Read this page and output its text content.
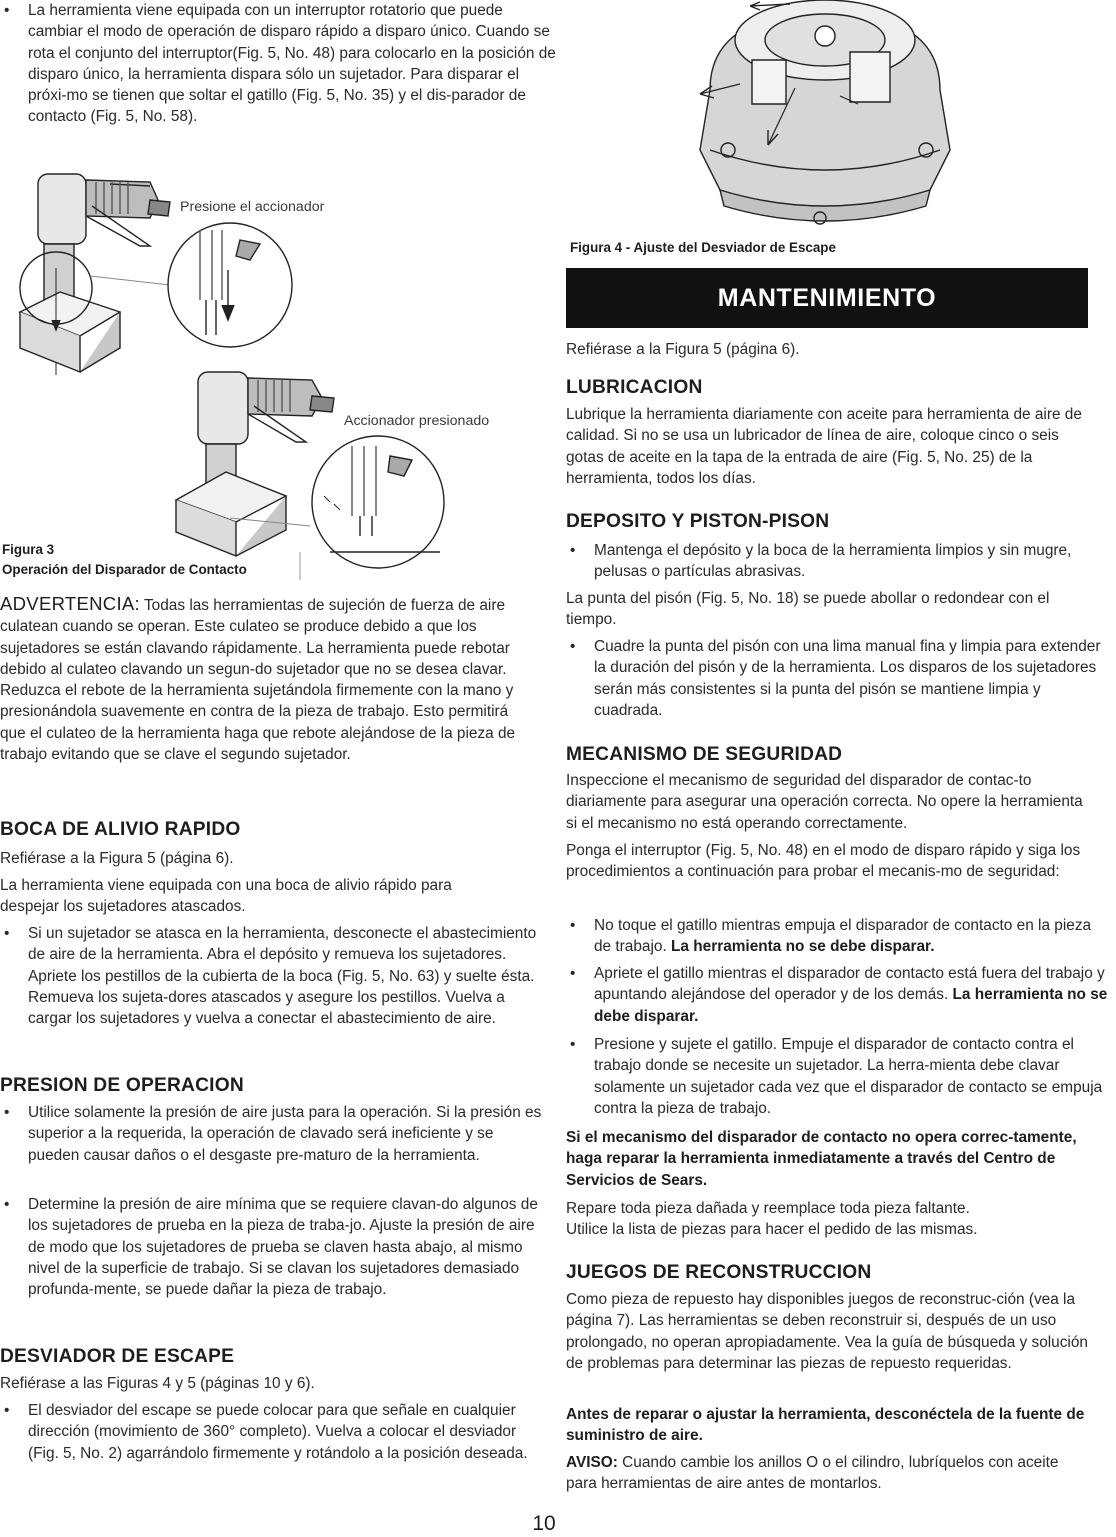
• La herramienta viene equipada con un interruptor rotatorio que puede cambiar el modo de operación de disparo rápido a disparo único. Cuando se rota el conjunto del interruptor(Fig. 5, No. 48) para colocarlo en la posición de disparo único, la herramienta dispara sólo un sujetador. Para disparar el próxi-mo se tienen que soltar el gatillo (Fig. 5, No. 35) y el dis-parador de contacto (Fig. 5, No. 58).

Presione el accionador
Accionador presionado
Figura 3
Operación del Disparador de Contacto

ADVERTENCIA: Todas las herramientas de sujeción de fuerza de aire culatean cuando se operan. Este culateo se produce debido a que los sujetadores se están clavando rápidamente. La herramienta puede rebotar debido al culateo clavando un segun-do sujetador que no se desea clavar. Reduzca el rebote de la herramienta sujetándola firmemente con la mano y presionándola suavemente en contra de la pieza de trabajo. Esto permitirá que el culateo de la herramienta haga que rebote alejándose de la pieza de trabajo evitando que se clave el segundo sujetador.

BOCA DE ALIVIO RAPIDO

Refiérase a la Figura 5 (página 6).

La herramienta viene equipada con una boca de alivio rápido para despejar los sujetadores atascados.

• Si un sujetador se atasca en la herramienta, desconecte el abastecimiento de aire de la herramienta. Abra el depósito y remueva los sujetadores. Apriete los pestillos de la cubierta de la boca (Fig. 5, No. 63) y suelte ésta. Remueva los sujeta-dores atascados y asegure los pestillos. Vuelva a cargar los sujetadores y vuelva a conectar el abastecimiento de aire.

PRESION DE OPERACION

• Utilice solamente la presión de aire justa para la operación. Si la presión es superior a la requerida, la operación de clavado será ineficiente y se pueden causar daños o el desgaste pre-maturo de la herramienta.

• Determine la presión de aire mínima que se requiere clavan-do algunos de los sujetadores de prueba en la pieza de traba-jo. Ajuste la presión de aire de modo que los sujetadores de prueba se claven hasta abajo, al mismo nivel de la superficie de trabajo. Si se clavan los sujetadores demasiado profunda-mente, se puede dañar la pieza de trabajo.

DESVIADOR DE ESCAPE

Refiérase a las Figuras 4 y 5 (páginas 10 y 6).

• El desviador del escape se puede colocar para que señale en cualquier dirección (movimiento de 360° completo). Vuelva a colocar el desviador (Fig. 5, No. 2) agarrándolo firmemente y rotándolo a la posición deseada.

Figura 4 - Ajuste del Desviador de Escape
MANTENIMIENTO

Refiérase a la Figura 5 (página 6).

LUBRICACION

Lubrique la herramienta diariamente con aceite para herramienta de aire de calidad. Si no se usa un lubricador de línea de aire, coloque cinco o seis gotas de aceite en la tapa de la entrada de aire (Fig. 5, No. 25) de la herramienta, todos los días.

DEPOSITO Y PISTON-PISON

• Mantenga el depósito y la boca de la herramienta limpios y sin mugre, pelusas o partículas abrasivas.

La punta del pisón (Fig. 5, No. 18) se puede abollar o redondear con el tiempo.

• Cuadre la punta del pisón con una lima manual fina y limpia para extender la duración del pisón y de la herramienta. Los disparos de los sujetadores serán más consistentes si la punta del pisón se mantiene limpia y cuadrada.

MECANISMO DE SEGURIDAD

Inspeccione el mecanismo de seguridad del disparador de contac-to diariamente para asegurar una operación correcta. No opere la herramienta si el mecanismo no está operando correctamente.

Ponga el interruptor (Fig. 5, No. 48) en el modo de disparo rápido y siga los procedimientos a continuación para probar el mecanis-mo de seguridad:

• No toque el gatillo mientras empuja el disparador de contacto en la pieza de trabajo. La herramienta no se debe disparar.

• Apriete el gatillo mientras el disparador de contacto está fuera del trabajo y apuntando alejándose del operador y de los demás. La herramienta no se debe disparar.

• Presione y sujete el gatillo. Empuje el disparador de contacto contra el trabajo donde se necesite un sujetador. La herra-mienta debe clavar solamente un sujetador cada vez que el disparador de contacto se empuja contra la pieza de trabajo.

Si el mecanismo del disparador de contacto no opera correc-tamente, haga reparar la herramienta inmediatamente a través del Centro de Servicios de Sears.

Repare toda pieza dañada y reemplace toda pieza faltante.

Utilice la lista de piezas para hacer el pedido de las mismas.

JUEGOS DE RECONSTRUCCION

Como pieza de repuesto hay disponibles juegos de reconstruc-ción (vea la página 7). Las herramientas se deben reconstruir si, después de un uso prolongado, no operan apropiadamente. Vea la guía de búsqueda y solución de problemas para determinar las piezas de repuesto requeridas.

Antes de reparar o ajustar la herramienta, desconéctela de la fuente de suministro de aire.

AVISO: Cuando cambie los anillos O o el cilindro, lubríquelos con aceite para herramientas de aire antes de montarlos.

10
